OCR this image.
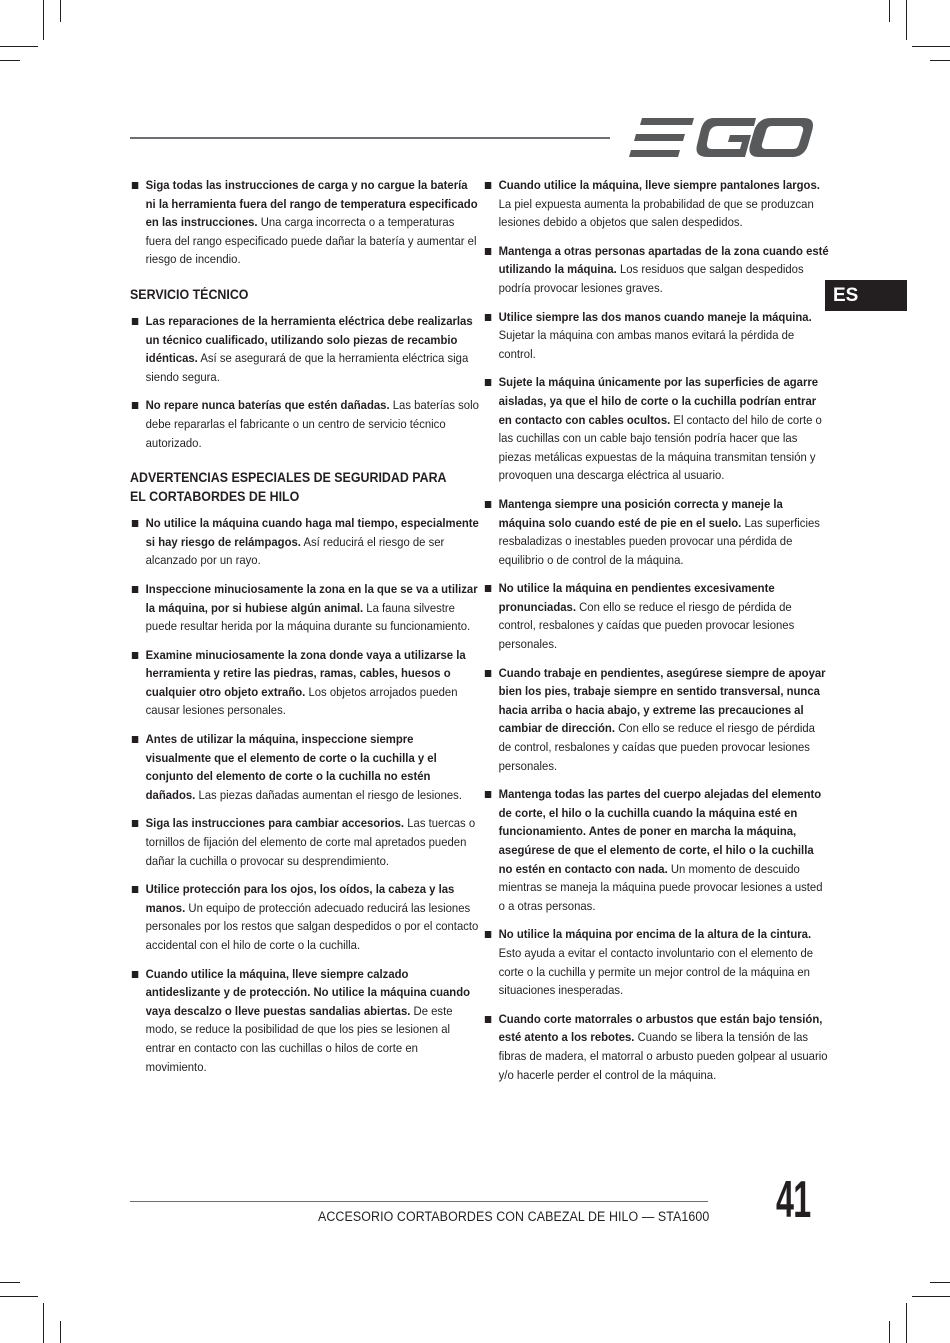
ES
Siga todas las instrucciones de carga y no cargue la batería ni la herramienta fuera del rango de temperatura especificado en las instrucciones. Una carga incorrecta o a temperaturas fuera del rango especificado puede dañar la batería y aumentar el riesgo de incendio.
SERVICIO TÉCNICO
Las reparaciones de la herramienta eléctrica debe realizarlas un técnico cualificado, utilizando solo piezas de recambio idénticas. Así se asegurará de que la herramienta eléctrica siga siendo segura.
No repare nunca baterías que estén dañadas. Las baterías solo debe repararlas el fabricante o un centro de servicio técnico autorizado.
ADVERTENCIAS ESPECIALES DE SEGURIDAD PARA EL CORTABORDES DE HILO
No utilice la máquina cuando haga mal tiempo, especialmente si hay riesgo de relámpagos. Así reducirá el riesgo de ser alcanzado por un rayo.
Inspeccione minuciosamente la zona en la que se va a utilizar la máquina, por si hubiese algún animal. La fauna silvestre puede resultar herida por la máquina durante su funcionamiento.
Examine minuciosamente la zona donde vaya a utilizarse la herramienta y retire las piedras, ramas, cables, huesos o cualquier otro objeto extraño. Los objetos arrojados pueden causar lesiones personales.
Antes de utilizar la máquina, inspeccione siempre visualmente que el elemento de corte o la cuchilla y el conjunto del elemento de corte o la cuchilla no estén dañados. Las piezas dañadas aumentan el riesgo de lesiones.
Siga las instrucciones para cambiar accesorios. Las tuercas o tornillos de fijación del elemento de corte mal apretados pueden dañar la cuchilla o provocar su desprendimiento.
Utilice protección para los ojos, los oídos, la cabeza y las manos. Un equipo de protección adecuado reducirá las lesiones personales por los restos que salgan despedidos o por el contacto accidental con el hilo de corte o la cuchilla.
Cuando utilice la máquina, lleve siempre calzado antideslizante y de protección. No utilice la máquina cuando vaya descalzo o lleve puestas sandalias abiertas. De este modo, se reduce la posibilidad de que los pies se lesionen al entrar en contacto con las cuchillas o hilos de corte en movimiento.
Cuando utilice la máquina, lleve siempre pantalones largos. La piel expuesta aumenta la probabilidad de que se produzcan lesiones debido a objetos que salen despedidos.
Mantenga a otras personas apartadas de la zona cuando esté utilizando la máquina. Los residuos que salgan despedidos podría provocar lesiones graves.
Utilice siempre las dos manos cuando maneje la máquina. Sujetar la máquina con ambas manos evitará la pérdida de control.
Sujete la máquina únicamente por las superficies de agarre aisladas, ya que el hilo de corte o la cuchilla podrían entrar en contacto con cables ocultos. El contacto del hilo de corte o las cuchillas con un cable bajo tensión podría hacer que las piezas metálicas expuestas de la máquina transmitan tensión y provoquen una descarga eléctrica al usuario.
Mantenga siempre una posición correcta y maneje la máquina solo cuando esté de pie en el suelo. Las superficies resbaladizas o inestables pueden provocar una pérdida de equilibrio o de control de la máquina.
No utilice la máquina en pendientes excesivamente pronunciadas. Con ello se reduce el riesgo de pérdida de control, resbalones y caídas que pueden provocar lesiones personales.
Cuando trabaje en pendientes, asegúrese siempre de apoyar bien los pies, trabaje siempre en sentido transversal, nunca hacia arriba o hacia abajo, y extreme las precauciones al cambiar de dirección. Con ello se reduce el riesgo de pérdida de control, resbalones y caídas que pueden provocar lesiones personales.
Mantenga todas las partes del cuerpo alejadas del elemento de corte, el hilo o la cuchilla cuando la máquina esté en funcionamiento. Antes de poner en marcha la máquina, asegúrese de que el elemento de corte, el hilo o la cuchilla no estén en contacto con nada. Un momento de descuido mientras se maneja la máquina puede provocar lesiones a usted o a otras personas.
No utilice la máquina por encima de la altura de la cintura. Esto ayuda a evitar el contacto involuntario con el elemento de corte o la cuchilla y permite un mejor control de la máquina en situaciones inesperadas.
Cuando corte matorrales o arbustos que están bajo tensión, esté atento a los rebotes. Cuando se libera la tensión de las fibras de madera, el matorral o arbusto pueden golpear al usuario y/o hacerle perder el control de la máquina.
ACCESORIO CORTABORDES CON CABEZAL DE HILO — STA1600 41
